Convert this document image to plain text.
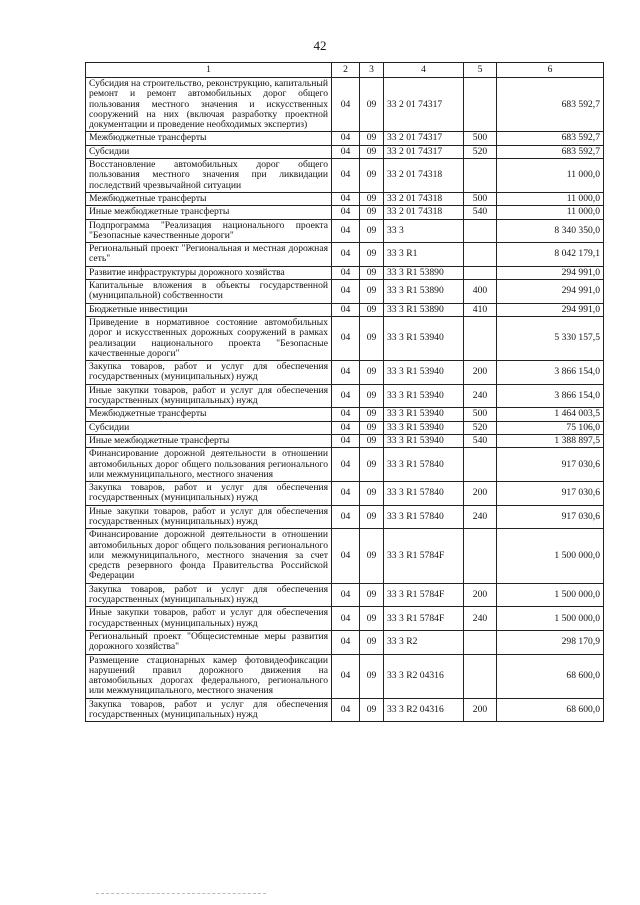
42
1	2	3	4	5	6
Субсидия на строительство, реконструкцию, капитальный ремонт и ремонт автомобильных дорог общего пользования местного значения и искусственных сооружений на них (включая разработку проектной документации и проведение необходимых экспертиз)	04	09	33 2 01 74317		683 592,7
Межбюджетные трансферты	04	09	33 2 01 74317	500	683 592,7
Субсидии	04	09	33 2 01 74317	520	683 592,7
Восстановление автомобильных дорог общего пользования местного значения при ликвидации последствий чрезвычайной ситуации	04	09	33 2 01 74318		11 000,0
Межбюджетные трансферты	04	09	33 2 01 74318	500	11 000,0
Иные межбюджетные трансферты	04	09	33 2 01 74318	540	11 000,0
Подпрограмма "Реализация национального проекта "Безопасные качественные дороги"	04	09	33 3		8 340 350,0
Региональный проект "Региональная и местная дорожная сеть"	04	09	33 3 R1		8 042 179,1
Развитие инфраструктуры дорожного хозяйства	04	09	33 3 R1 53890		294 991,0
Капитальные вложения в объекты государственной (муниципальной) собственности	04	09	33 3 R1 53890	400	294 991,0
Бюджетные инвестиции	04	09	33 3 R1 53890	410	294 991,0
Приведение в нормативное состояние автомобильных дорог и искусственных дорожных сооружений в рамках реализации национального проекта "Безопасные качественные дороги"	04	09	33 3 R1 53940		5 330 157,5
Закупка товаров, работ и услуг для обеспечения государственных (муниципальных) нужд	04	09	33 3 R1 53940	200	3 866 154,0
Иные закупки товаров, работ и услуг для обеспечения государственных (муниципальных) нужд	04	09	33 3 R1 53940	240	3 866 154,0
Межбюджетные трансферты	04	09	33 3 R1 53940	500	1 464 003,5
Субсидии	04	09	33 3 R1 53940	520	75 106,0
Иные межбюджетные трансферты	04	09	33 3 R1 53940	540	1 388 897,5
Финансирование дорожной деятельности в отношении автомобильных дорог общего пользования регионального или межмуниципального, местного значения	04	09	33 3 R1 57840		917 030,6
Закупка товаров, работ и услуг для обеспечения государственных (муниципальных) нужд	04	09	33 3 R1 57840	200	917 030,6
Иные закупки товаров, работ и услуг для обеспечения государственных (муниципальных) нужд	04	09	33 3 R1 57840	240	917 030,6
Финансирование дорожной деятельности в отношении автомобильных дорог общего пользования регионального или межмуниципального, местного значения за счет средств резервного фонда Правительства Российской Федерации	04	09	33 3 R1 5784F		1 500 000,0
Закупка товаров, работ и услуг для обеспечения государственных (муниципальных) нужд	04	09	33 3 R1 5784F	200	1 500 000,0
Иные закупки товаров, работ и услуг для обеспечения государственных (муниципальных) нужд	04	09	33 3 R1 5784F	240	1 500 000,0
Региональный проект "Общесистемные меры развития дорожного хозяйства"	04	09	33 3 R2		298 170,9
Размещение стационарных камер фотовидеофиксации нарушений правил дорожного движения на автомобильных дорогах федерального, регионального или межмуниципального, местного значения	04	09	33 3 R2 04316		68 600,0
Закупка товаров, работ и услуг для обеспечения государственных (муниципальных) нужд	04	09	33 3 R2 04316	200	68 600,0
